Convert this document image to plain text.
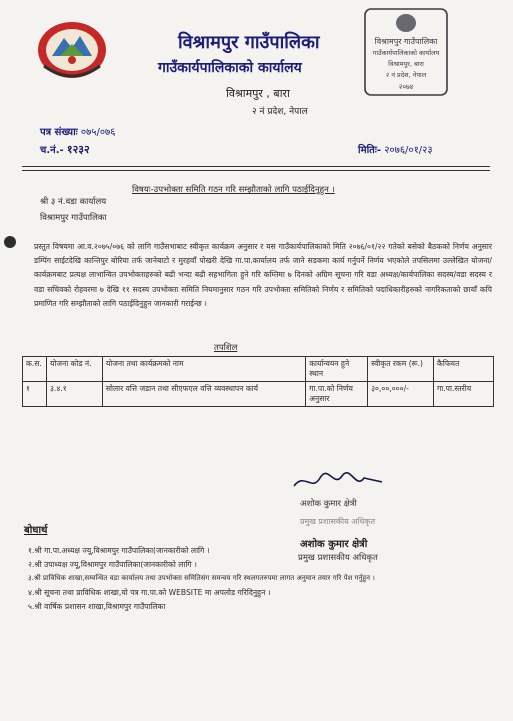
विश्रामपुर गाउँपालिका
गाउँकार्यपालिकाको कार्यालय
विश्रामपुर , बारा
२ नं प्रदेश, नेपाल
विश्रामपुर गाउँपालिका
गाउँकार्यपालिकाको कार्यालय
विश्रामपुर, बारा
२ नं प्रदेश, नेपाल
२०७४
पत्र संख्याः ०७५/०७६
च.नं.- १२३२	मितिः- २०७६/०१/२३
विषयः-उपभोक्ता समिति गठन गरि सम्झौताको लागि पठाईदिनुहुन ।
श्री ३ नं.वडा कार्यालय
विश्रामपुर गाउँपालिका
प्रस्तुत विषयमा आ.व.२०७५/०७६ को लागि गाउँसभाबाट स्वीकृत कार्यक्रम अनुसार र यस गाउँकार्यपालिकाको मिति २०७६/०१/२२ गतेको बसेको बैठकको निर्णय अनुसार डम्पिंग साईटदेखि कान्तिपुर बोरिया तर्फ जानेबाटो र मुरहवाँ पोखरी देखि गा.पा.कार्यालय तर्फ जाने सडकमा कार्य गर्नुपर्ने निर्णय भएकोले तपसिलमा उल्लेखित योजना/कार्यक्रमबाट प्रत्यक्ष लाभान्वित उपभोक्ताहरुको बढी भन्दा बढी सहभागिता हुने गरि कम्तिमा ७ दिनको अग्रिम सूचना गरि वडा अध्यक्ष/कार्यपालिका सदस्य/वडा सदस्य र वडा सचिवको रोहवरमा ७ देखि ११ सदस्य उपभोक्ता समिति नियमानुसार गठन गरि उपभोक्ता समितिको निर्णय र समितिको पदाधिकारीहरुको नागरिकताको छायाँ कपि प्रमाणित गरि सम्झौताको लागि पठाईदिनुहुन जानकारी गराईन्छ ।
तपशिल
क.स.	योजना कोड नं.	योजना तथा कार्यक्रमको नाम	कार्यान्वयन हुने स्थान	स्वीकृत रकम (रू.)	कैफियत
१	३.४.१	सोलार वत्ति जडान तथा सीएफएल वत्ति व्यवस्थापन कार्य	गा.पा.को निर्णय अनुसार	३०,००,०००/-	गा.पा.स्तरीय
अशोक कुमार क्षेत्री
प्रमुख प्रशासकीय अधिकृत
अशोक कुमार क्षेत्री
प्रमुख प्रशासकीय अधिकृत
बोधार्थ
१.श्री गा.पा.अध्यक्ष ज्यू,विश्रामपुर गाउँपालिका(जानकारीको लागि ।
२.श्री उपाध्यक्ष ज्यू,विश्रामपुर गाउँपालिका(जानकारीको लागि ।
३.श्री प्राविधिक शाखा,सम्वन्धित वडा कार्यालय तथा उपभोक्ता समितिसंग समन्वय गरि स्थलगतरुपमा लागत अनुमान तयार गरि पेश गर्नुहुन ।
४.श्री सूचना तथा प्राविधिक शाखा,यो पत्र गा.पा.को WEBSITE मा अपलोड गरिदिनुहुन ।
५.श्री वार्षिक प्रशासन शाखा,विश्रामपुर गाउँपालिका
